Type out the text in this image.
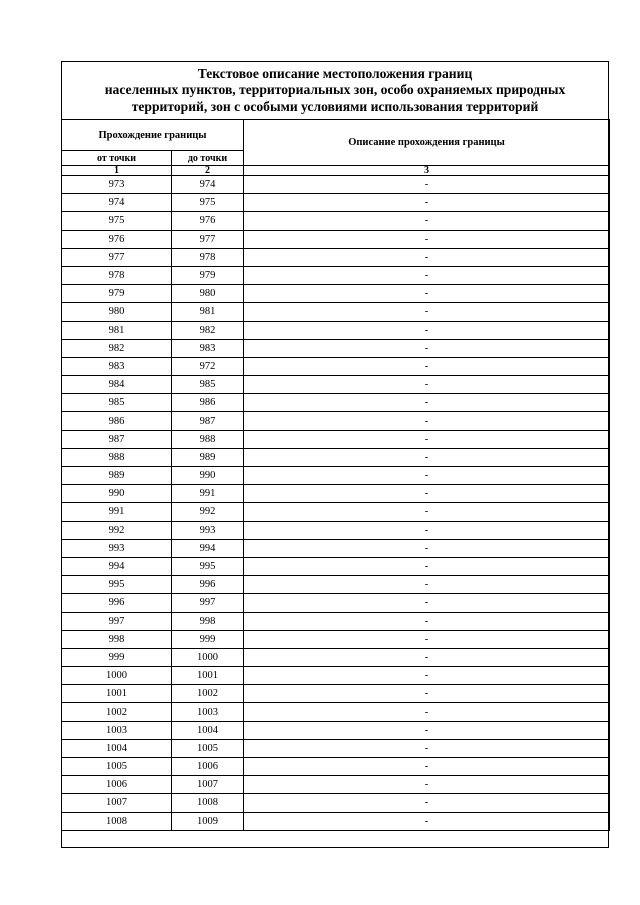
Текстовое описание местоположения границ
населенных пунктов, территориальных зон, особо охраняемых природных
территорий, зон с особыми условиями использования территорий
Прохождение границы		Описание прохождения границы
от точки	до точки	
1	2	3
973	974	-
974	975	-
975	976	-
976	977	-
977	978	-
978	979	-
979	980	-
980	981	-
981	982	-
982	983	-
983	972	-
984	985	-
985	986	-
986	987	-
987	988	-
988	989	-
989	990	-
990	991	-
991	992	-
992	993	-
993	994	-
994	995	-
995	996	-
996	997	-
997	998	-
998	999	-
999	1000	-
1000	1001	-
1001	1002	-
1002	1003	-
1003	1004	-
1004	1005	-
1005	1006	-
1006	1007	-
1007	1008	-
1008	1009	-
